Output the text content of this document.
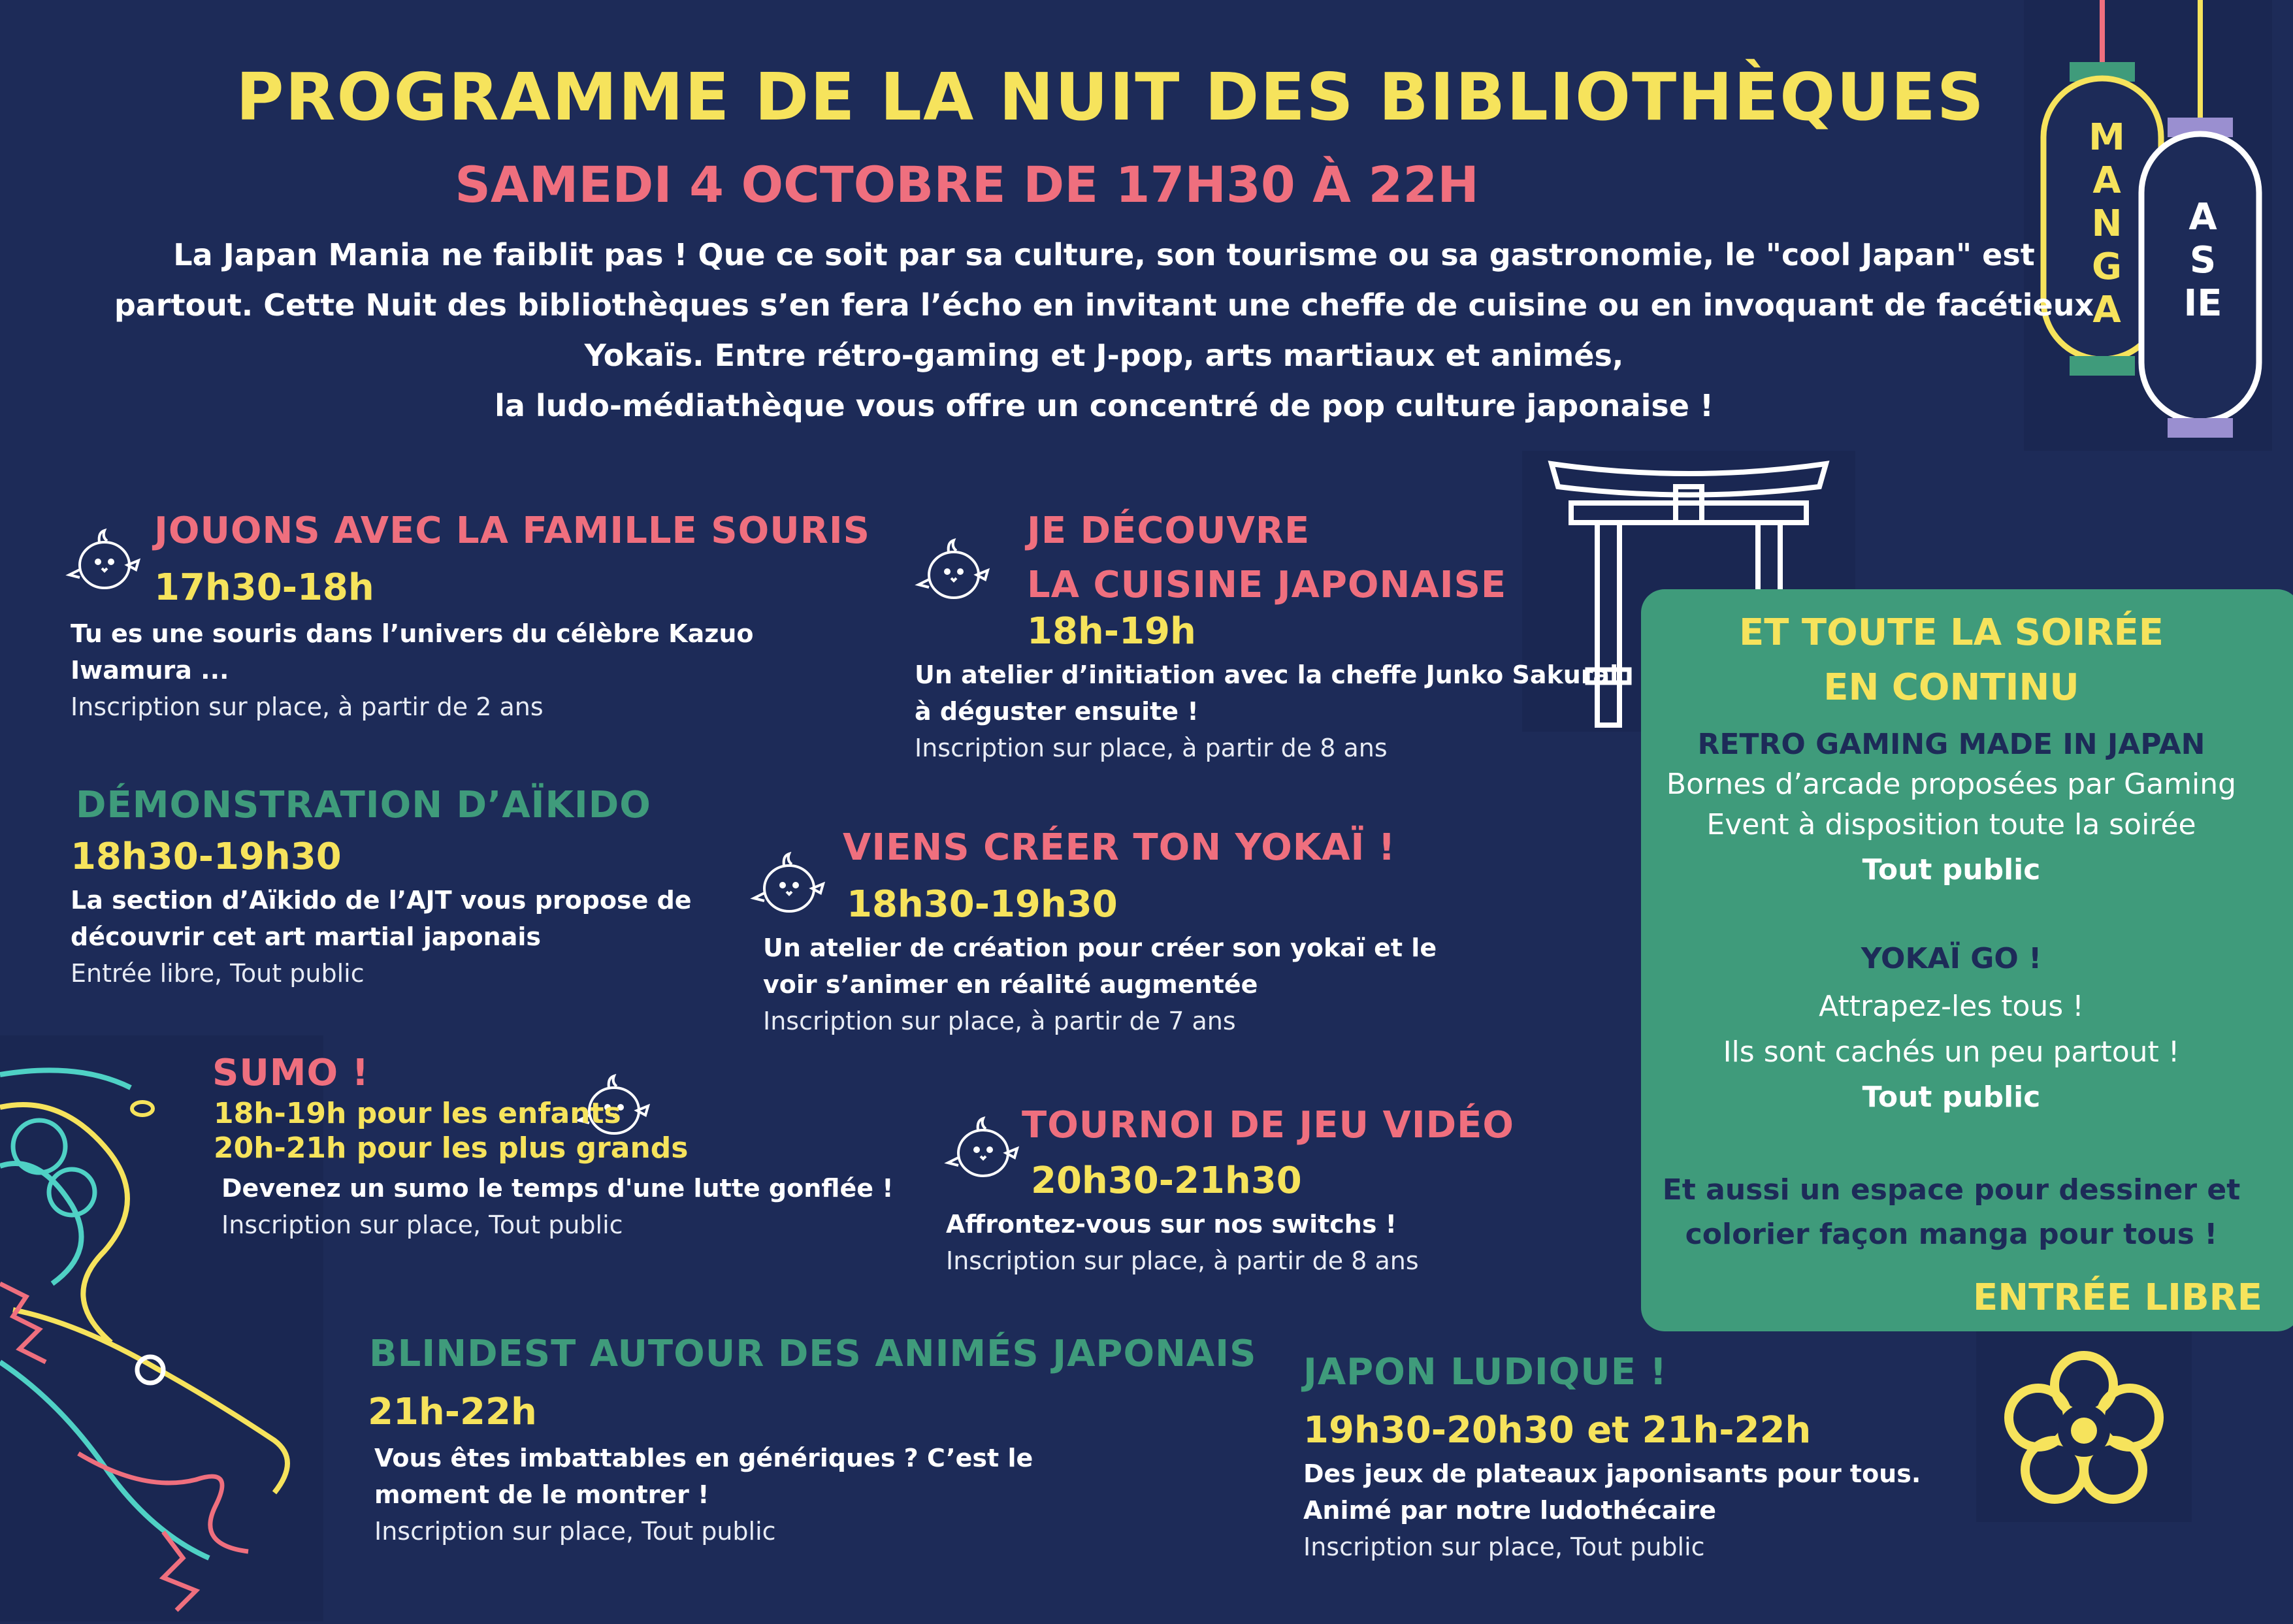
MANGA
ASIE
PROGRAMME DE LA NUIT DES BIBLIOTHÈQUES
SAMEDI 4 OCTOBRE DE 17H30 À 22H
La Japan Mania ne faiblit pas ! Que ce soit par sa culture, son tourisme ou sa gastronomie, le "cool Japan" est
partout. Cette Nuit des bibliothèques s’en fera l’écho en invitant une cheffe de cuisine ou en invoquant de facétieux
Yokaïs. Entre rétro-gaming et J-pop, arts martiaux et animés,
la ludo-médiathèque vous offre un concentré de pop culture japonaise !
JOUONS AVEC LA FAMILLE SOURIS
17h30-18h
Tu es une souris dans l’univers du célèbre Kazuo
Iwamura ...
Inscription sur place, à partir de 2 ans
JE DÉCOUVRE
LA CUISINE JAPONAISE
18h-19h
Un atelier d’initiation avec la cheffe Junko Sakurai
à déguster ensuite !
Inscription sur place, à partir de 8 ans
DÉMONSTRATION D’AÏKIDO
18h30-19h30
La section d’Aïkido de l’AJT vous propose de
découvrir cet art martial japonais
Entrée libre, Tout public
VIENS CRÉER TON YOKAÏ !
18h30-19h30
Un atelier de création pour créer son yokaï et le
voir s’animer en réalité augmentée
Inscription sur place, à partir de 7 ans
SUMO !
18h-19h pour les enfants
20h-21h pour les plus grands
Devenez un sumo le temps d'une lutte gonflée !
Inscription sur place, Tout public
TOURNOI DE JEU VIDÉO
20h30-21h30
Affrontez-vous sur nos switchs !
Inscription sur place, à partir de 8 ans
BLINDEST AUTOUR DES ANIMÉS JAPONAIS
21h-22h
Vous êtes imbattables en génériques ? C’est le
moment de le montrer !
Inscription sur place, Tout public
JAPON LUDIQUE !
19h30-20h30 et 21h-22h
Des jeux de plateaux japonisants pour tous.
Animé par notre ludothécaire
Inscription sur place, Tout public
ET TOUTE LA SOIRÉE
EN CONTINU
RETRO GAMING MADE IN JAPAN
Bornes d’arcade proposées par Gaming
Event à disposition toute la soirée
Tout public
YOKAÏ GO !
Attrapez-les tous !
Ils sont cachés un peu partout !
Tout public
Et aussi un espace pour dessiner et
colorier façon manga pour tous !
ENTRÉE LIBRE
